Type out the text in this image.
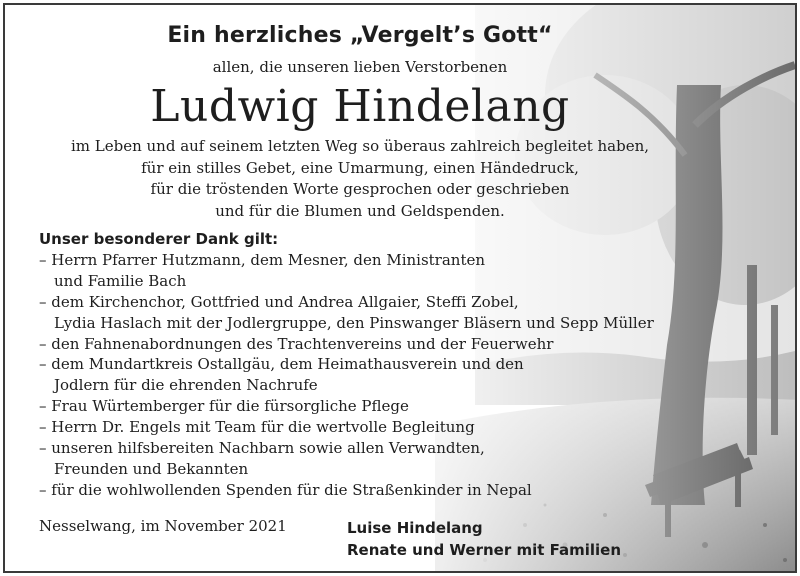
Ein herzliches „Vergelt’s Gott“
allen, die unseren lieben Verstorbenen
Ludwig Hindelang
im Leben und auf seinem letzten Weg so überaus zahlreich begleitet haben,
für ein stilles Gebet, eine Umarmung, einen Händedruck,
für die tröstenden Worte gesprochen oder geschrieben
und für die Blumen und Geldspenden.
Unser besonderer Dank gilt:
– Herrn Pfarrer Hutzmann, dem Mesner, den Ministranten
und Familie Bach
– dem Kirchenchor, Gottfried und Andrea Allgaier, Steffi Zobel,
Lydia Haslach mit der Jodlergruppe, den Pinswanger Bläsern und Sepp Müller
– den Fahnenabordnungen des Trachtenvereins und der Feuerwehr
– dem Mundartkreis Ostallgäu, dem Heimathausverein und den
Jodlern für die ehrenden Nachrufe
– Frau Würtemberger für die fürsorgliche Pflege
– Herrn Dr. Engels mit Team für die wertvolle Begleitung
– unseren hilfsbereiten Nachbarn sowie allen Verwandten,
Freunden und Bekannten
– für die wohlwollenden Spenden für die Straßenkinder in Nepal
Nesselwang, im November 2021	Luise Hindelang
Renate und Werner mit Familien
